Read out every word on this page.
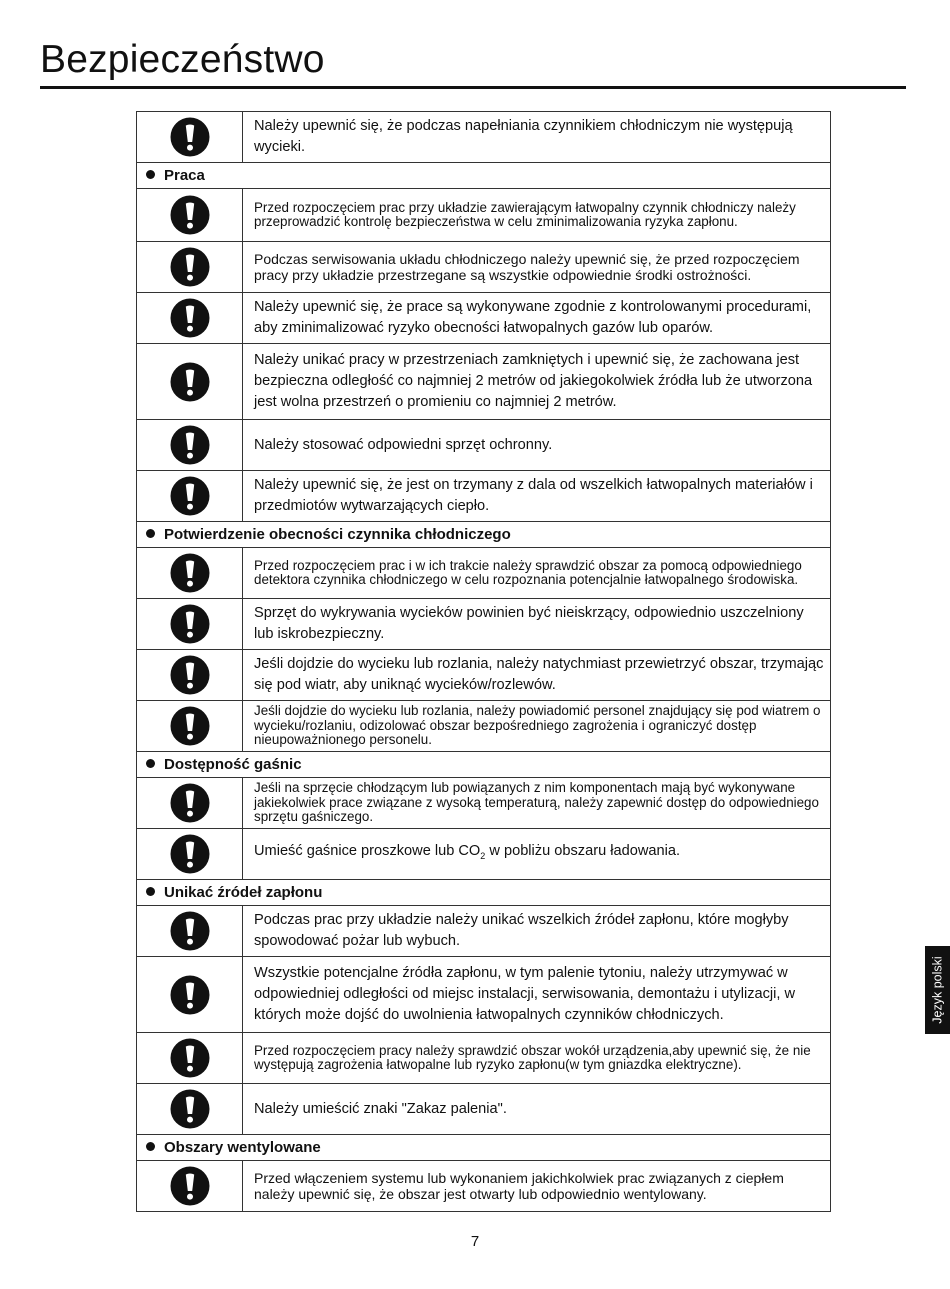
Bezpieczeństwo

Należy upewnić się, że podczas napełniania czynnikiem chłodniczym nie występują wycieki.

Praca	

Przed rozpoczęciem prac przy układzie zawierającym łatwopalny czynnik chłodniczy należy przeprowadzić kontrolę bezpieczeństwa w celu zminimalizowania ryzyka zapłonu.

Podczas serwisowania układu chłodniczego należy upewnić się, że przed rozpoczęciem pracy przy układzie przestrzegane są wszystkie odpowiednie środki ostrożności.

Należy upewnić się, że prace są wykonywane zgodnie z kontrolowanymi procedurami, aby zminimalizować ryzyko obecności łatwopalnych gazów lub oparów.

Należy unikać pracy w przestrzeniach zamkniętych i upewnić się, że zachowana jest bezpieczna odległość co najmniej 2 metrów od jakiegokolwiek źródła lub że utworzona jest wolna przestrzeń o promieniu co najmniej 2 metrów.

Należy stosować odpowiedni sprzęt ochronny.

Należy upewnić się, że jest on trzymany z dala od wszelkich łatwopalnych materiałów i przedmiotów wytwarzających ciepło.

Potwierdzenie obecności czynnika chłodniczego	

Przed rozpoczęciem prac i w ich trakcie należy sprawdzić obszar za pomocą odpowiedniego detektora czynnika chłodniczego w celu rozpoznania potencjalnie łatwopalnego środowiska.

Sprzęt do wykrywania wycieków powinien być nieiskrzący, odpowiednio uszczelniony lub iskrobezpieczny.

Jeśli dojdzie do wycieku lub rozlania, należy natychmiast przewietrzyć obszar, trzymając się pod wiatr, aby uniknąć wycieków/rozlewów.

Jeśli dojdzie do wycieku lub rozlania, należy powiadomić personel znajdujący się pod wiatrem o wycieku/rozlaniu, odizolować obszar bezpośredniego zagrożenia i ograniczyć dostęp nieupoważnionego personelu.

Dostępność gaśnic	

Jeśli na sprzęcie chłodzącym lub powiązanych z nim komponentach mają być wykonywane jakiekolwiek prace związane z wysoką temperaturą, należy zapewnić dostęp do odpowiedniego sprzętu gaśniczego.

Umieść gaśnice proszkowe lub $CO_2$ w pobliżu obszaru ładowania.

Unikać źródeł zapłonu	

Podczas prac przy układzie należy unikać wszelkich źródeł zapłonu, które mogłyby spowodować pożar lub wybuch.

Wszystkie potencjalne źródła zapłonu, w tym palenie tytoniu, należy utrzymywać w odpowiedniej odległości od miejsc instalacji, serwisowania, demontażu i utylizacji, w których może dojść do uwolnienia łatwopalnych czynników chłodniczych.

Przed rozpoczęciem pracy należy sprawdzić obszar wokół urządzenia,aby upewnić się, że nie występują zagrożenia łatwopalne lub ryzyko zapłonu(w tym gniazdka elektryczne).

Należy umieścić znaki "Zakaz palenia".

Obszary wentylowane	

Przed włączeniem systemu lub wykonaniem jakichkolwiek prac związanych z ciepłem należy upewnić się, że obszar jest otwarty lub odpowiednio wentylowany.
7
Język polski
